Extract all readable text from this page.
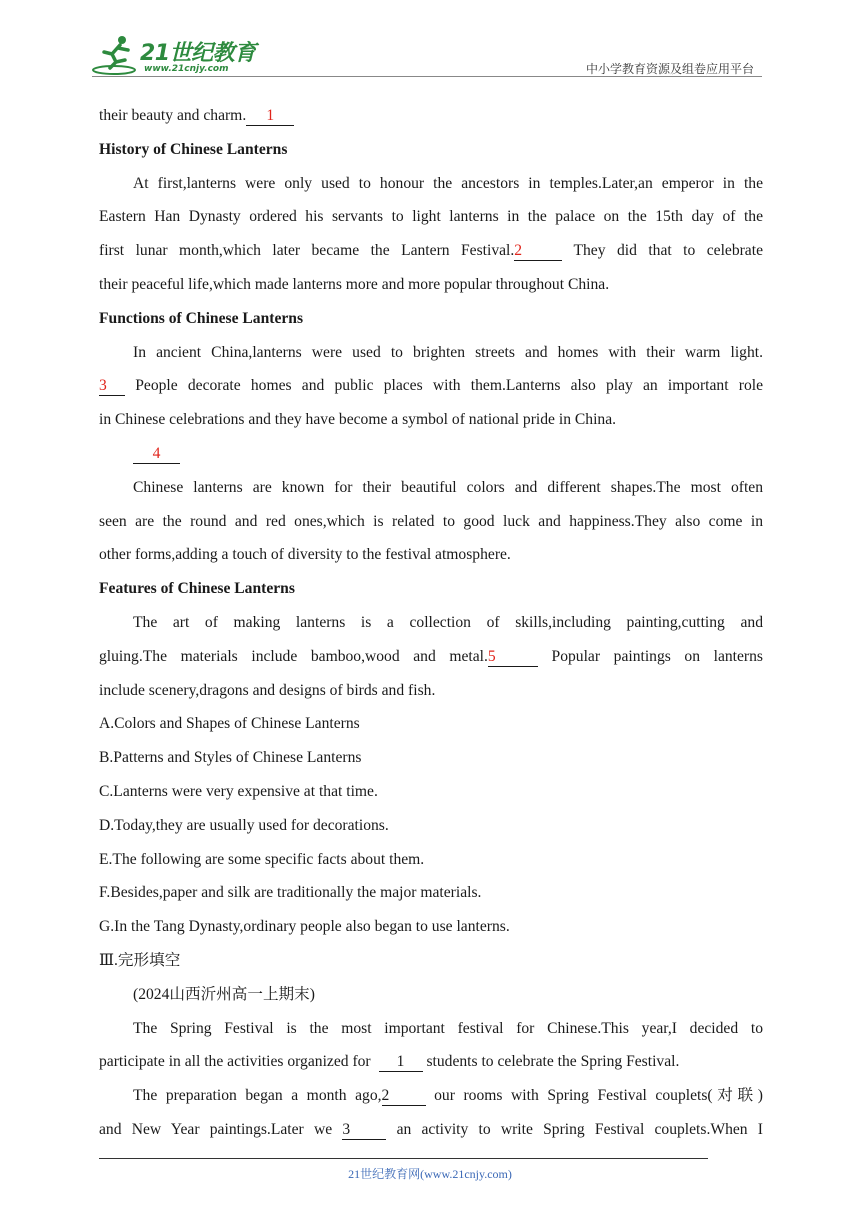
21世纪教育
www.21cnjy.com	中小学教育资源及组卷应用平台
their beauty and charm. 1
History of Chinese Lanterns
At first,lanterns were only used to honour the ancestors in temples.Later,an emperor in the
Eastern Han Dynasty ordered his servants to light lanterns in the palace on the 15th day of the
first lunar month,which later became the Lantern Festival.2	They did that to celebrate
their peaceful life,which made lanterns more and more popular throughout China.
Functions of Chinese Lanterns
In ancient China,lanterns were used to brighten streets and homes with their warm light.
3 People decorate homes and public places with them.Lanterns also play an important role
in Chinese celebrations and they have become a symbol of national pride in China.
4
Chinese lanterns are known for their beautiful colors and different shapes.The most often
seen are the round and red ones,which is related to good luck and happiness.They also come in
other forms,adding a touch of diversity to the festival atmosphere.
Features of Chinese Lanterns
The art of making lanterns is a collection of skills,including painting,cutting and
gluing.The materials include bamboo,wood and metal.5	Popular paintings on lanterns
include scenery,dragons and designs of birds and fish.
A.Colors and Shapes of Chinese Lanterns
B.Patterns and Styles of Chinese Lanterns
C.Lanterns were very expensive at that time.
D.Today,they are usually used for decorations.
E.The following are some specific facts about them.
F.Besides,paper and silk are traditionally the major materials.
G.In the Tang Dynasty,ordinary people also began to use lanterns.
Ⅲ.完形填空
(2024山西沂州高一上期末)
The Spring Festival is the most important festival for Chinese.This year,I decided to
participate in all the activities organized for 1 students to celebrate the Spring Festival.
The preparation began a month ago,2	our rooms with Spring Festival couplets(对联)
and New Year paintings.Later we 3	an activity to write Spring Festival couplets.When I
21世纪教育网(www.21cnjy.com)
